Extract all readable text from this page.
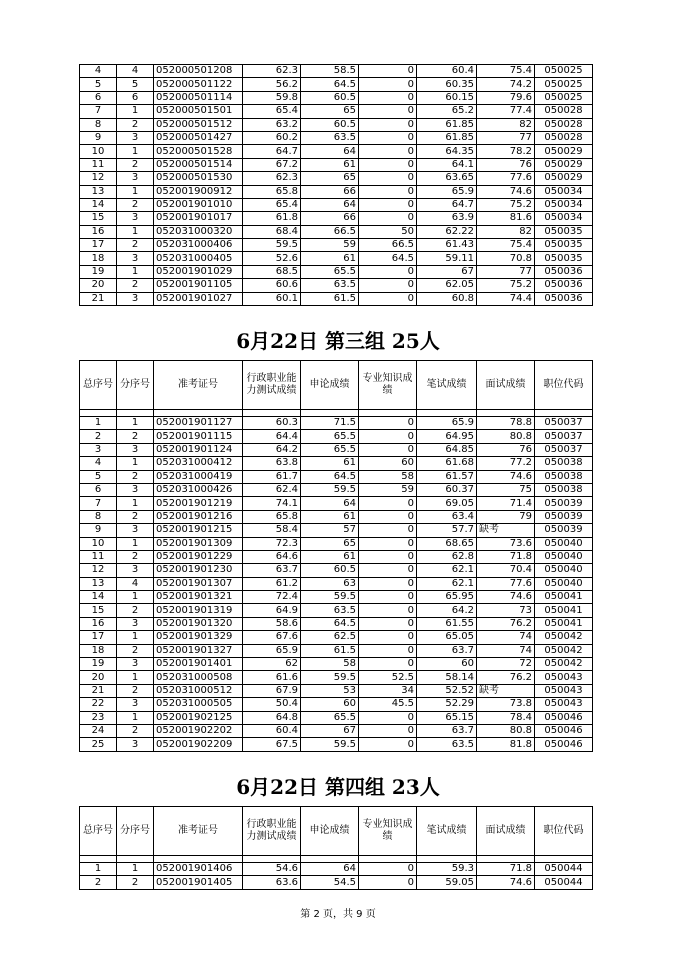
4	4	052000501208	62.3	58.5	0	60.4	75.4	050025
5	5	052000501122	56.2	64.5	0	60.35	74.2	050025
6	6	052000501114	59.8	60.5	0	60.15	79.6	050025
7	1	052000501501	65.4	65	0	65.2	77.4	050028
8	2	052000501512	63.2	60.5	0	61.85	82	050028
9	3	052000501427	60.2	63.5	0	61.85	77	050028
10	1	052000501528	64.7	64	0	64.35	78.2	050029
11	2	052000501514	67.2	61	0	64.1	76	050029
12	3	052000501530	62.3	65	0	63.65	77.6	050029
13	1	052001900912	65.8	66	0	65.9	74.6	050034
14	2	052001901010	65.4	64	0	64.7	75.2	050034
15	3	052001901017	61.8	66	0	63.9	81.6	050034
16	1	052031000320	68.4	66.5	50	62.22	82	050035
17	2	052031000406	59.5	59	66.5	61.43	75.4	050035
18	3	052031000405	52.6	61	64.5	59.11	70.8	050035
19	1	052001901029	68.5	65.5	0	67	77	050036
20	2	052001901105	60.6	63.5	0	62.05	75.2	050036
21	3	052001901027	60.1	61.5	0	60.8	74.4	050036
6月22日 第三组 25人
总序号	分序号	准考证号	行政职业能力测试成绩	申论成绩	专业知识成绩	笔试成绩	面试成绩	职位代码

1	1	052001901127	60.3	71.5	0	65.9	78.8	050037
2	2	052001901115	64.4	65.5	0	64.95	80.8	050037
3	3	052001901124	64.2	65.5	0	64.85	76	050037
4	1	052031000412	63.8	61	60	61.68	77.2	050038
5	2	052031000419	61.7	64.5	58	61.57	74.6	050038
6	3	052031000426	62.4	59.5	59	60.37	75	050038
7	1	052001901219	74.1	64	0	69.05	71.4	050039
8	2	052001901216	65.8	61	0	63.4	79	050039
9	3	052001901215	58.4	57	0	57.7	缺考	050039
10	1	052001901309	72.3	65	0	68.65	73.6	050040
11	2	052001901229	64.6	61	0	62.8	71.8	050040
12	3	052001901230	63.7	60.5	0	62.1	70.4	050040
13	4	052001901307	61.2	63	0	62.1	77.6	050040
14	1	052001901321	72.4	59.5	0	65.95	74.6	050041
15	2	052001901319	64.9	63.5	0	64.2	73	050041
16	3	052001901320	58.6	64.5	0	61.55	76.2	050041
17	1	052001901329	67.6	62.5	0	65.05	74	050042
18	2	052001901327	65.9	61.5	0	63.7	74	050042
19	3	052001901401	62	58	0	60	72	050042
20	1	052031000508	61.6	59.5	52.5	58.14	76.2	050043
21	2	052031000512	67.9	53	34	52.52	缺考	050043
22	3	052031000505	50.4	60	45.5	52.29	73.8	050043
23	1	052001902125	64.8	65.5	0	65.15	78.4	050046
24	2	052001902202	60.4	67	0	63.7	80.8	050046
25	3	052001902209	67.5	59.5	0	63.5	81.8	050046
6月22日 第四组 23人
总序号	分序号	准考证号	行政职业能力测试成绩	申论成绩	专业知识成绩	笔试成绩	面试成绩	职位代码

1	1	052001901406	54.6	64	0	59.3	71.8	050044
2	2	052001901405	63.6	54.5	0	59.05	74.6	050044
第 2 页，共 9 页
